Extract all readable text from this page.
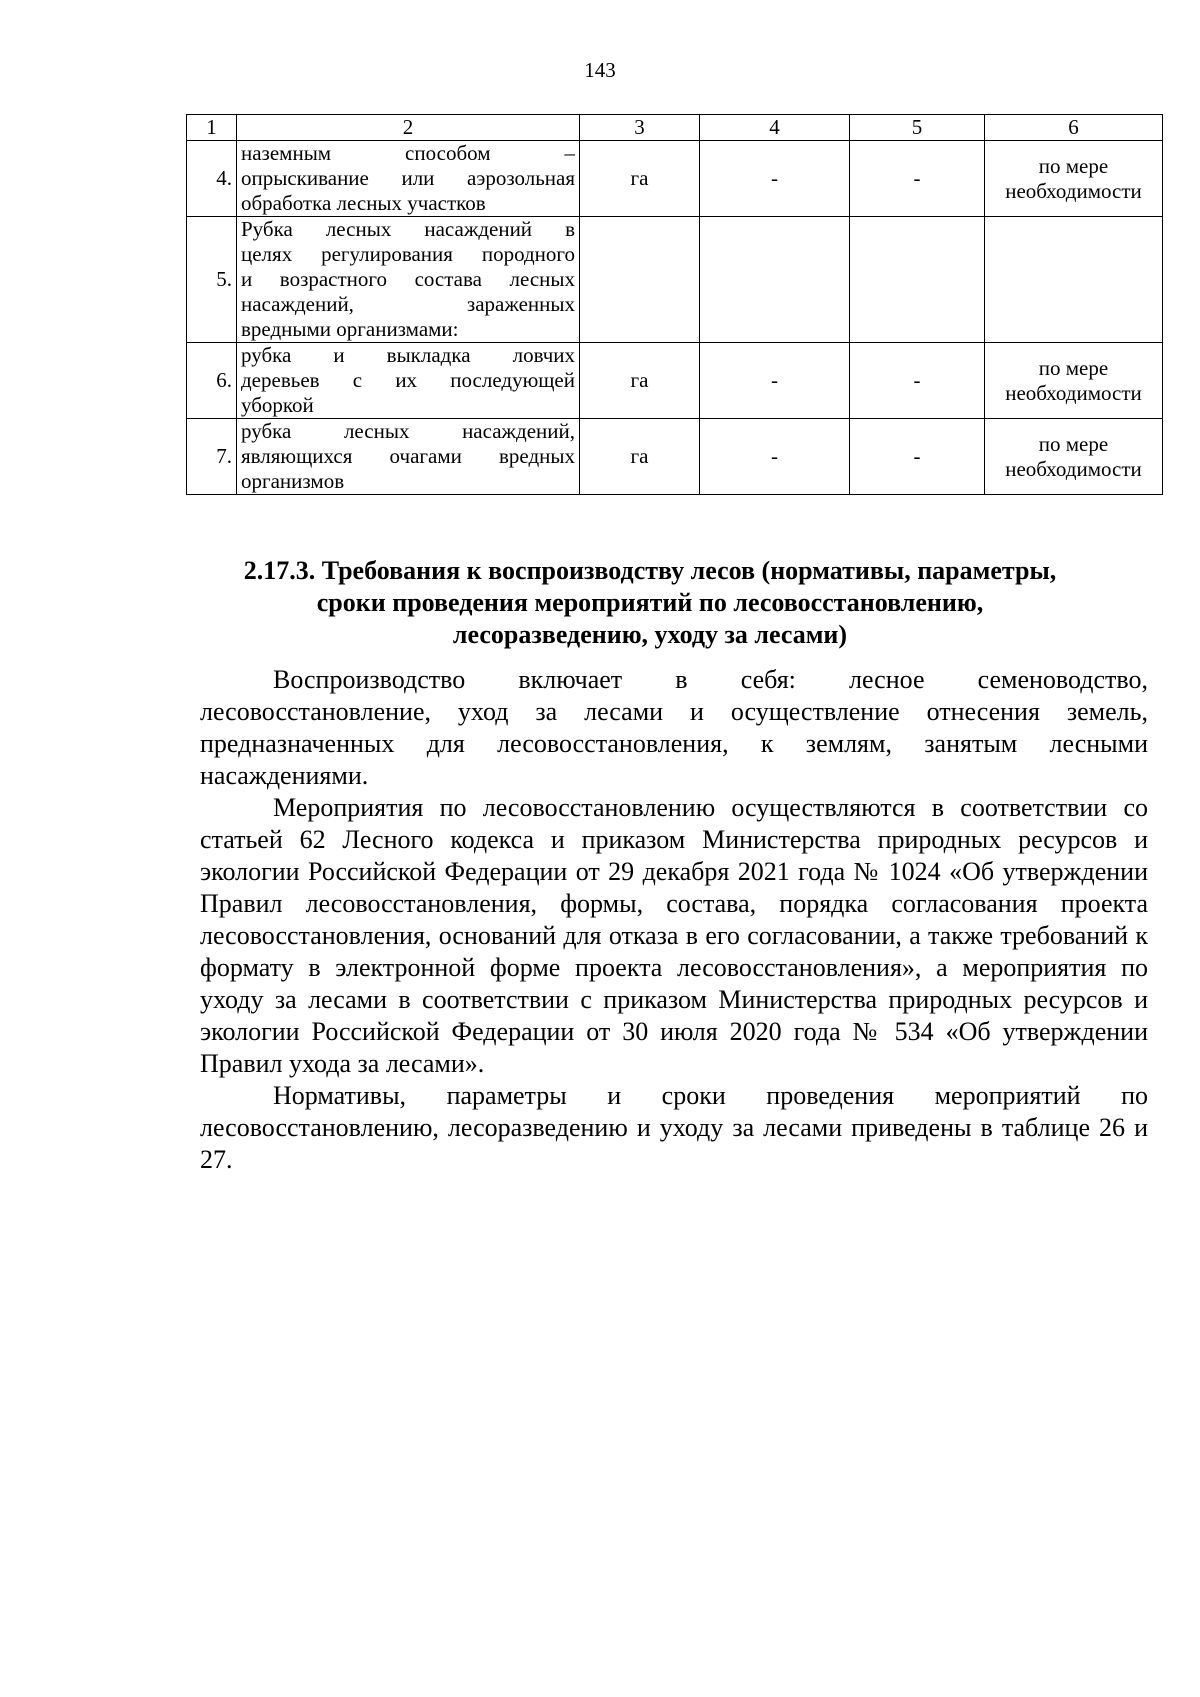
143
1	2	3	4	5	6
4.	наземным способом –
опрыскивание или аэрозольная
обработка лесных участков	га	-	-	по мере
необходимости

5.	Рубка лесных насаждений в
целях регулирования породного
и возрастного состава лесных
насаждений, зараженных
вредными организмами:				

6.	рубка и выкладка ловчих
деревьев с их последующей
уборкой	га	-	-	по мере
необходимости

7.	рубка лесных насаждений,
являющихся очагами вредных
организмов	га	-	-	по мере
необходимости
2.17.3. Требования к воспроизводству лесов (нормативы, параметры,
сроки проведения мероприятий по лесовосстановлению,
лесоразведению, уходу за лесами)

Воспроизводство включает в себя: лесное семеноводство, лесовосстановление, уход за лесами и осуществление отнесения земель, предназначенных для лесовосстановления, к землям, занятым лесными насаждениями.

Мероприятия по лесовосстановлению осуществляются в соответствии со статьей 62 Лесного кодекса и приказом Министерства природных ресурсов и экологии Российской Федерации от 29 декабря 2021 года № 1024 «Об утверждении Правил лесовосстановления, формы, состава, порядка согласования проекта лесовосстановления, оснований для отказа в его согласовании, а также требований к формату в электронной форме проекта лесовосстановления», а мероприятия по уходу за лесами в соответствии с приказом Министерства природных ресурсов и экологии Российской Федерации от 30 июля 2020 года № 534 «Об утверждении Правил ухода за лесами».

Нормативы, параметры и сроки проведения мероприятий по лесовосстановлению, лесоразведению и уходу за лесами приведены в таблице 26 и 27.
